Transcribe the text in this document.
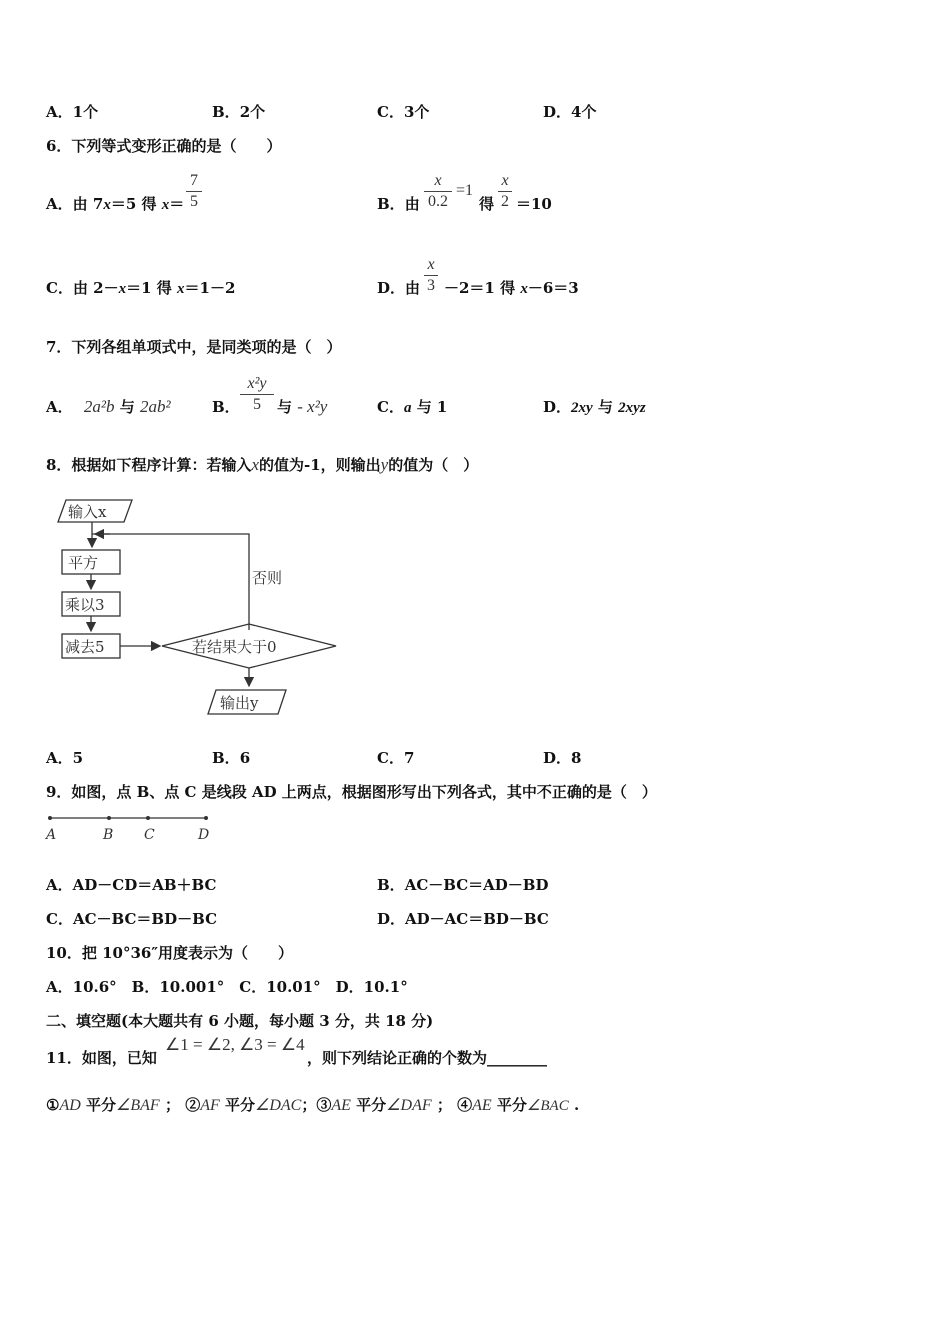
A．1个	B．2个	C．3个	D．4个
6．下列等式变形正确的是（　　）
A．由 7x＝5 得 x＝
7
5	B．由
x
0.2
=1
得
x
2 ＝10
C．由 2－x＝1 得 x＝1－2	D．由
x
3 －2＝1 得 x－6＝3
7．下列各组单项式中，是同类项的是（　）
A． 2a²b 与 2ab²	B．
x²y
5	与 - x²y	C．a 与 1	D．2xy 与 2xyz
8．根据如下程序计算：若输入x的值为-1，则输出y的值为（　）
输入x
平方
乘以3
减去5	若结果大于0
否则
输出y
A．5	B．6	C．7	D．8
9．如图，点 B、点 C 是线段 AD 上两点，根据图形写出下列各式，其中不正确的是（　）
A	B C	D
A．AD－CD＝AB＋BC	B．AC－BC＝AD－BD
C．AC－BC＝BD－BC	D．AD－AC＝BD－BC
10．把 10°36″用度表示为（　　）
A．10.6°　B．10.001°　C．10.01°　D．10.1°
二、填空题(本大题共有 6 小题，每小题 3 分，共 18 分)
11．如图，已知
∠1 = ∠2, ∠3 = ∠4
，则下列结论正确的个数为________
①AD 平分∠BAF ； ②AF 平分∠DAC；③AE 平分∠DAF ； ④AE 平分∠BAC .
